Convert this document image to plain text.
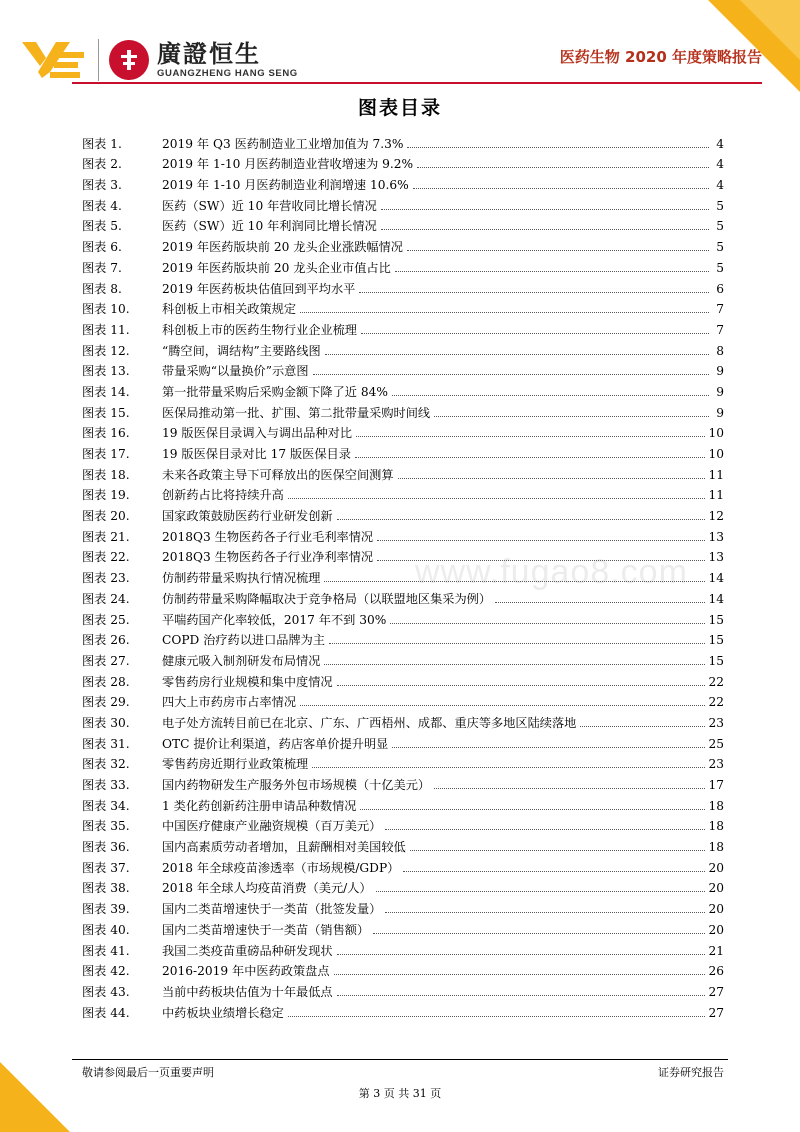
廣證恒生
GUANGZHENG HANG SENG
医药生物 2020 年度策略报告
图表目录
图表 1.	2019 年 Q3 医药制造业工业增加值为 7.3%	4
图表 2.	2019 年 1-10 月医药制造业营收增速为 9.2%	4
图表 3.	2019 年 1-10 月医药制造业利润增速 10.6%	4
图表 4.	医药（SW）近 10 年营收同比增长情况	5
图表 5.	医药（SW）近 10 年利润同比增长情况	5
图表 6.	2019 年医药版块前 20 龙头企业涨跌幅情况	5
图表 7.	2019 年医药版块前 20 龙头企业市值占比	5
图表 8.	2019 年医药板块估值回到平均水平	6
图表 10.	科创板上市相关政策规定	7
图表 11.	科创板上市的医药生物行业企业梳理	7
图表 12.	“腾空间，调结构”主要路线图	8
图表 13.	带量采购“以量换价”示意图	9
图表 14.	第一批带量采购后采购金额下降了近 84%	9
图表 15.	医保局推动第一批、扩围、第二批带量采购时间线	9
图表 16.	19 版医保目录调入与调出品种对比	10
图表 17.	19 版医保目录对比 17 版医保目录	10
图表 18.	未来各政策主导下可释放出的医保空间测算	11
图表 19.	创新药占比将持续升高	11
图表 20.	国家政策鼓励医药行业研发创新	12
图表 21.	2018Q3 生物医药各子行业毛利率情况	13
图表 22.	2018Q3 生物医药各子行业净利率情况	13
图表 23.	仿制药带量采购执行情况梳理	14
图表 24.	仿制药带量采购降幅取决于竞争格局（以联盟地区集采为例）	14
图表 25.	平喘药国产化率较低，2017 年不到 30%	15
图表 26.	COPD 治疗药以进口品牌为主	15
图表 27.	健康元吸入制剂研发布局情况	15
图表 28.	零售药房行业规模和集中度情况	22
图表 29.	四大上市药房市占率情况	22
图表 30.	电子处方流转目前已在北京、广东、广西梧州、成都、重庆等多地区陆续落地	23
图表 31.	OTC 提价让利渠道，药店客单价提升明显	25
图表 32.	零售药房近期行业政策梳理	23
图表 33.	国内药物研发生产服务外包市场规模（十亿美元）	17
图表 34.	1 类化药创新药注册申请品种数情况	18
图表 35.	中国医疗健康产业融资规模（百万美元）	18
图表 36.	国内高素质劳动者增加，且薪酬相对美国较低	18
图表 37.	2018 年全球疫苗渗透率（市场规模/GDP）	20
图表 38.	2018 年全球人均疫苗消费（美元/人）	20
图表 39.	国内二类苗增速快于一类苗（批签发量）	20
图表 40.	国内二类苗增速快于一类苗（销售额）	20
图表 41.	我国二类疫苗重磅品种研发现状	21
图表 42.	2016-2019 年中医药政策盘点	26
图表 43.	当前中药板块估值为十年最低点	27
图表 44.	中药板块业绩增长稳定	27
www.fugao8.com
敬请参阅最后一页重要声明	证券研究报告
第 3 页 共 31 页
